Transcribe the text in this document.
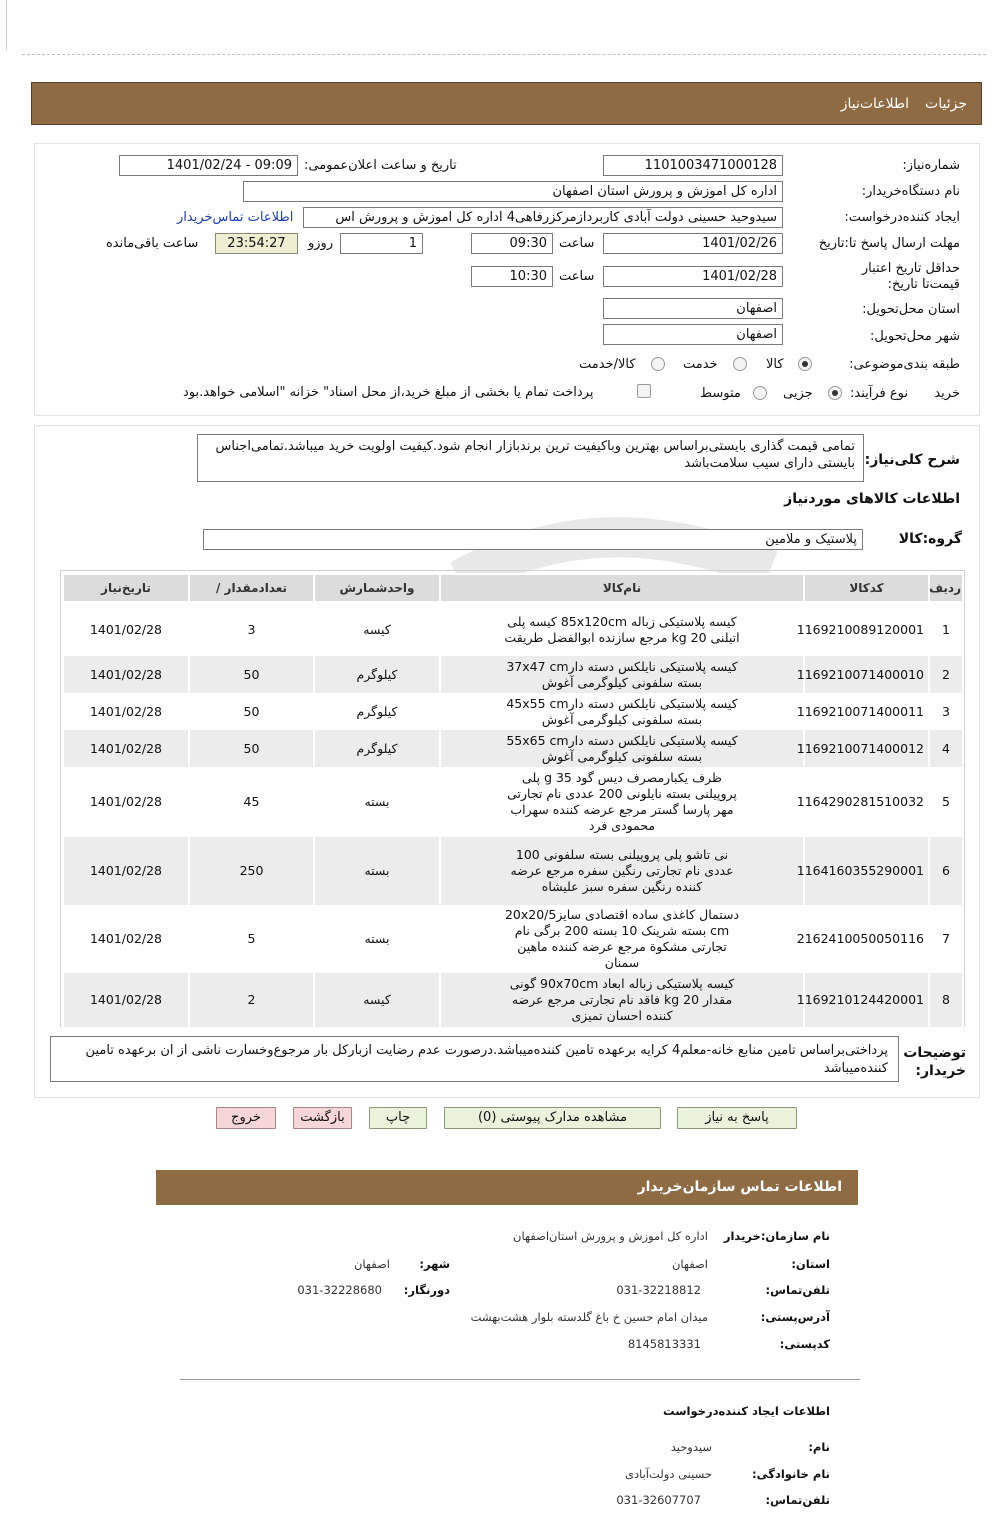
جزئیات
اطلاعات‌نیاز
شماره‌نیاز:
1101003471000128
تاریخ و ساعت اعلان‌عمومی:
1401/02/24 - 09:09
نام دستگاه‌خریدار:
اداره کل اموزش و پرورش استان اصفهان
ایجاد کننده‌درخواست:
سیدوحید حسینی دولت آبادی کاربرداز‌مرکزرفاهی4 اداره کل اموزش و پرورش اس
اطلاعات تماس‌خریدار
مهلت ارسال پاسخ تا:تاریخ
1401/02/26
ساعت
09:30
1
روزو
23:54:27
ساعت باقی‌مانده
حداقل تاریخ اعتبار قیمت‌تا تاریخ:
1401/02/28
ساعت
10:30
استان محل‌تحویل:
اصفهان
شهر محل‌تحویل:
اصفهان
طبقه بندی‌موضوعی:
کالا
خدمت
کالا/خدمت
نوع فرآیند: خرید
جزیی
متوسط
پرداخت تمام یا بخشی از مبلغ خرید،از محل اسناد" خزانه "اسلامی خواهد.بود
شرح کلی‌نیاز:
تمامی قیمت گذاری بایستی‌براساس بهترین وباکیفیت ترین برندبازار انجام شود.کیفیت اولویت خرید میباشد.تمامی‌اجناس بایستی دارای سیب سلامت‌باشد
اطلاعات کالاهای موردنیاز
گروه:کالا
پلاستیک و ملامین
ردیف	کدکالا	نام‌کالا	واحدشمارش	تعدادمقدار /	تاریخ‌نیاز
1	1169210089120001	کیسه پلاستیکی زباله 85x120cm کیسه پلی اتیلنی 20 kg مرجع سازنده ابوالفضل طریقت	کیسه	3	1401/02/28
2	1169210071400010	کیسه پلاستیکی نایلکس دسته دار37x47 cm بسته سلفونی کیلوگرمی آغوش	کیلوگرم	50	1401/02/28
3	1169210071400011	کیسه پلاستیکی نایلکس دسته دار45x55 cm بسته سلفونی کیلوگرمی آغوش	کیلوگرم	50	1401/02/28
4	1169210071400012	کیسه پلاستیکی نایلکس دسته دار55x65 cm بسته سلفونی کیلوگرمی آغوش	کیلوگرم	50	1401/02/28
5	1164290281510032	ظرف یکبارمصرف دیس گود 35 g پلی پروپیلنی بسته نایلونی 200 عددی نام تجارتی مهر پارسا گستر مرجع عرضه کننده سهراب محمودی فرد	بسته	45	1401/02/28
6	1164160355290001	نی تاشو پلی پروپیلنی بسته سلفونی 100 عددی نام تجارتی رنگین سفره مرجع عرضه کننده رنگین سفره سبز علیشاه	بسته	250	1401/02/28
7	2162410050050116	دستمال کاغذی ساده اقتصادی سایز20x20/5 cm بسته شرینک 10 بسته 200 برگی نام تجارتی مشکوة مرجع عرضه کننده ماهین سمنان	بسته	5	1401/02/28
8	1169210124420001	کیسه پلاستیکی زباله ابعاد 90x70cm گونی مقدار 20 kg فاقد نام تجارتی مرجع عرضه کننده احسان تمیزی	کیسه	2	1401/02/28
توضیحات خریدار:
پرداختی‌براساس تامین منابع خانه-معلم4 کرایه برعهده تامین کننده‌میباشد.درصورت عدم رضایت ازبارکل بار مرجوع‌وخسارت ناشی از ان برعهده تامین کننده‌میباشد
پاسخ به نیاز
مشاهده مدارک پیوستی (0)
چاپ
بازگشت
خروج
اطلاعات تماس سازمان‌خریدار
نام سازمان‌:خریدار
اداره کل اموزش و پرورش استان‌اصفهان
استان:
اصفهان
شهر:
اصفهان
تلفن‌تماس:
031-32218812
دورنگار:
031-32228680
آدرس‌پستی:
میدان امام حسین خ باغ گلدسته بلوار هشت‌بهشت
کد‌پستی:
8145813331
اطلاعات ایجاد کننده‌درخواست
نام:
سیدوحید
نام خانوادگی:
حسینی دولت‌آبادی
تلفن‌تماس:
031-32607707
